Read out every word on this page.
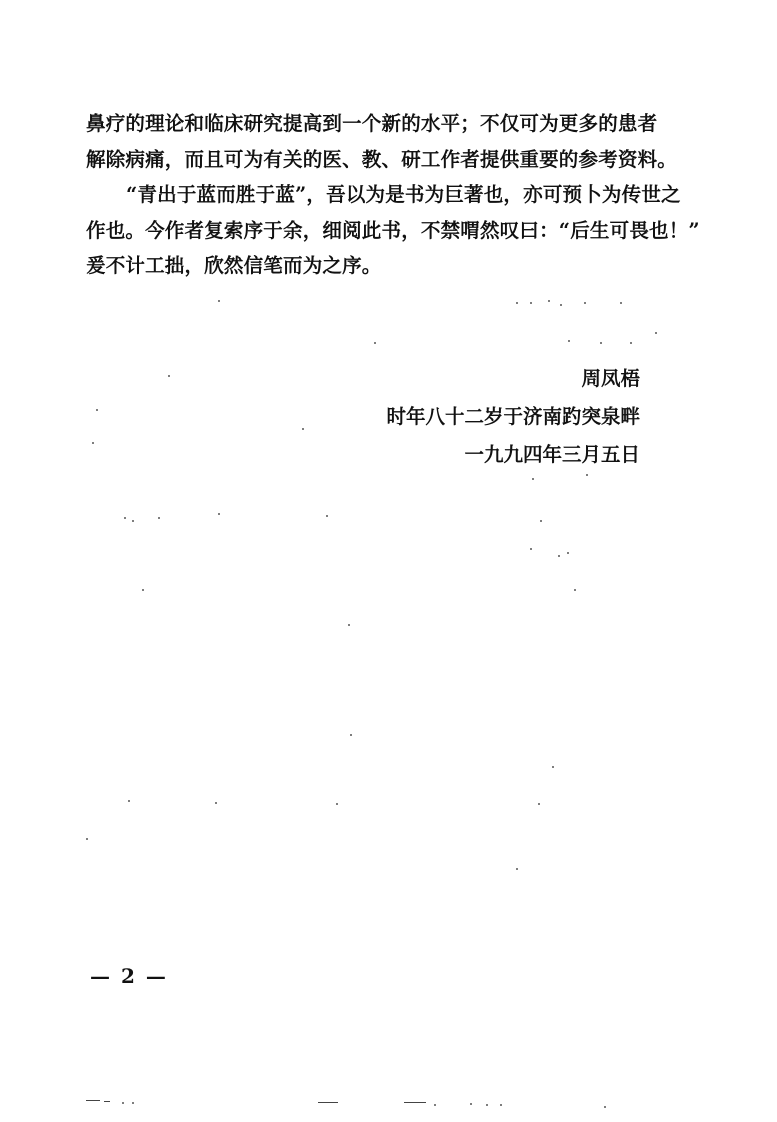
鼻疗的理论和临床研究提高到一个新的水平；不仅可为更多的患者
解除病痛，而且可为有关的医、教、研工作者提供重要的参考资料。
“青出于蓝而胜于蓝”，吾以为是书为巨著也，亦可预卜为传世之
作也。今作者复索序于余，细阅此书，不禁喟然叹曰：“后生可畏也！”
爰不计工拙，欣然信笔而为之序。
周凤梧
时年八十二岁于济南趵突泉畔
一九九四年三月五日
— 2 —
